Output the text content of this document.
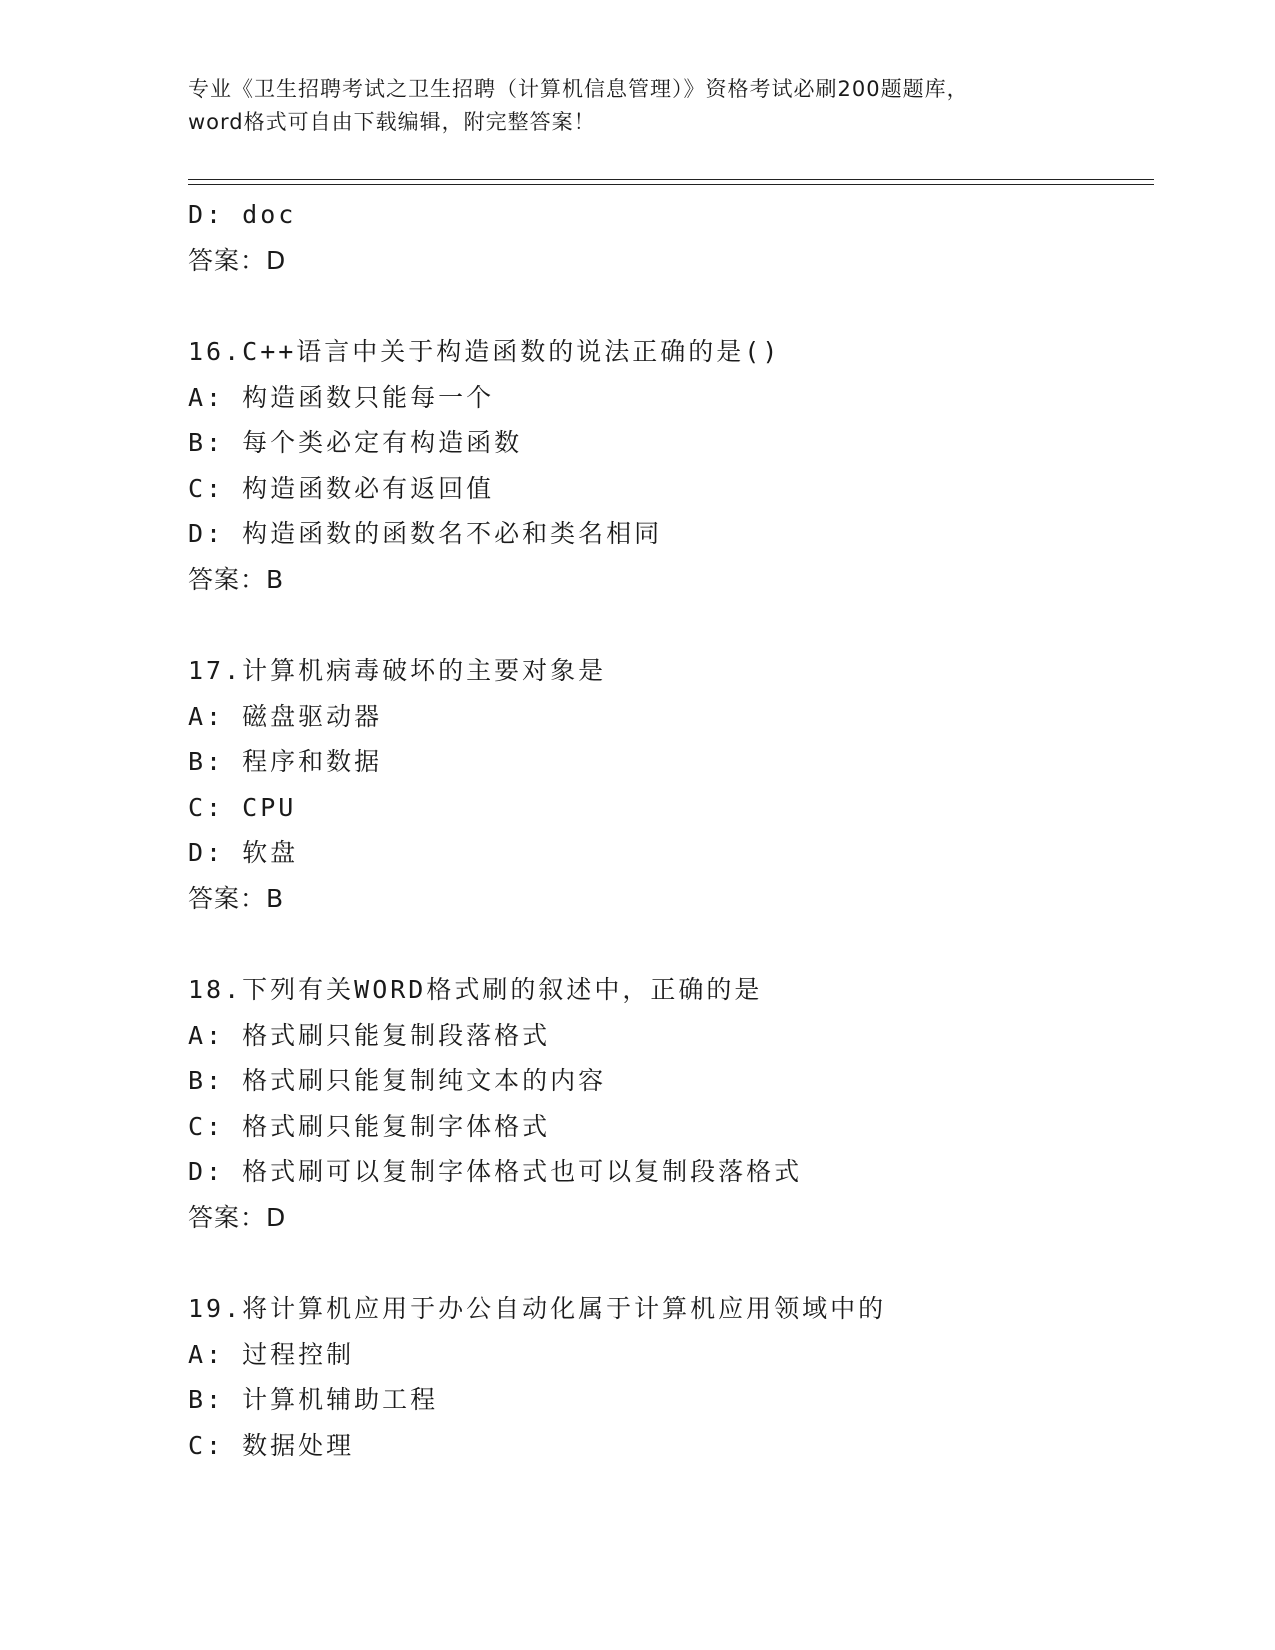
专业《卫生招聘考试之卫生招聘（计算机信息管理）》资格考试必刷200题题库，
word格式可自由下载编辑，附完整答案！
D: doc
答案：D
16.C++语言中关于构造函数的说法正确的是()
A: 构造函数只能每一个
B: 每个类必定有构造函数
C: 构造函数必有返回值
D: 构造函数的函数名不必和类名相同
答案：B
17.计算机病毒破坏的主要对象是
A: 磁盘驱动器
B: 程序和数据
C: CPU
D: 软盘
答案：B
18.下列有关WORD格式刷的叙述中，正确的是
A: 格式刷只能复制段落格式
B: 格式刷只能复制纯文本的内容
C: 格式刷只能复制字体格式
D: 格式刷可以复制字体格式也可以复制段落格式
答案：D
19.将计算机应用于办公自动化属于计算机应用领域中的
A: 过程控制
B: 计算机辅助工程
C: 数据处理
